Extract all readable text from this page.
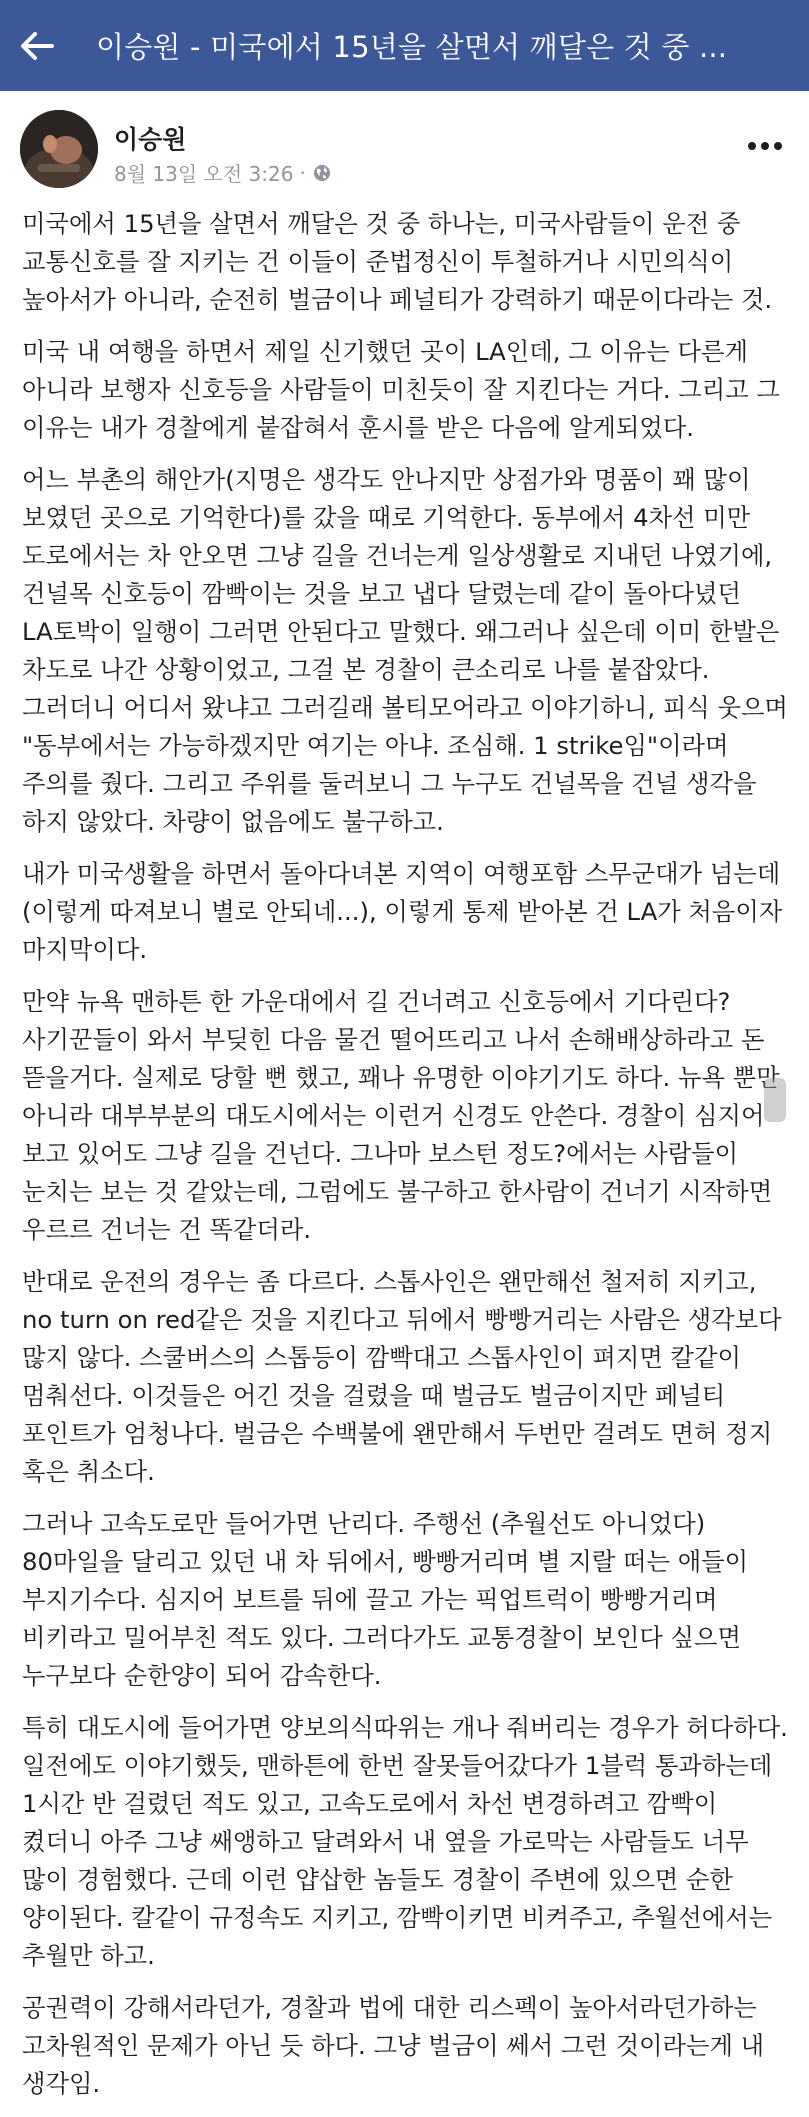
이승원 - 미국에서 15년을 살면서 깨달은 것 중 ...
이승원
8월 13일 오전 3:26 ·

미국에서 15년을 살면서 깨달은 것 중 하나는, 미국사람들이 운전 중 교통신호를 잘 지키는 건 이들이 준법정신이 투철하거나 시민의식이 높아서가 아니라, 순전히 벌금이나 페널티가 강력하기 때문이다라는 것.

미국 내 여행을 하면서 제일 신기했던 곳이 LA인데, 그 이유는 다른게 아니라 보행자 신호등을 사람들이 미친듯이 잘 지킨다는 거다. 그리고 그 이유는 내가 경찰에게 붙잡혀서 훈시를 받은 다음에 알게되었다.

어느 부촌의 해안가(지명은 생각도 안나지만 상점가와 명품이 꽤 많이 보였던 곳으로 기억한다)를 갔을 때로 기억한다. 동부에서 4차선 미만 도로에서는 차 안오면 그냥 길을 건너는게 일상생활로 지내던 나였기에, 건널목 신호등이 깜빡이는 것을 보고 냅다 달렸는데 같이 돌아다녔던 LA토박이 일행이 그러면 안된다고 말했다. 왜그러나 싶은데 이미 한발은 차도로 나간 상황이었고, 그걸 본 경찰이 큰소리로 나를 붙잡았다. 그러더니 어디서 왔냐고 그러길래 볼티모어라고 이야기하니, 피식 웃으며 "동부에서는 가능하겠지만 여기는 아냐. 조심해. 1 strike임"이라며 주의를 줬다. 그리고 주위를 둘러보니 그 누구도 건널목을 건널 생각을 하지 않았다. 차량이 없음에도 불구하고.

내가 미국생활을 하면서 돌아다녀본 지역이 여행포함 스무군대가 넘는데(이렇게 따져보니 별로 안되네...), 이렇게 통제 받아본 건 LA가 처음이자 마지막이다.

만약 뉴욕 맨하튼 한 가운대에서 길 건너려고 신호등에서 기다린다? 사기꾼들이 와서 부딪힌 다음 물건 떨어뜨리고 나서 손해배상하라고 돈 뜯을거다. 실제로 당할 뻔 했고, 꽤나 유명한 이야기기도 하다. 뉴욕 뿐만 아니라 대부부분의 대도시에서는 이런거 신경도 안쓴다. 경찰이 심지어 보고 있어도 그냥 길을 건넌다. 그나마 보스턴 정도?에서는 사람들이 눈치는 보는 것 같았는데, 그럼에도 불구하고 한사람이 건너기 시작하면 우르르 건너는 건 똑같더라.

반대로 운전의 경우는 좀 다르다. 스톱사인은 왠만해선 철저히 지키고, no turn on red같은 것을 지킨다고 뒤에서 빵빵거리는 사람은 생각보다 많지 않다. 스쿨버스의 스톱등이 깜빡대고 스톱사인이 펴지면 칼같이 멈춰선다. 이것들은 어긴 것을 걸렸을 때 벌금도 벌금이지만 페널티 포인트가 엄청나다. 벌금은 수백불에 왠만해서 두번만 걸려도 면허 정지 혹은 취소다.

그러나 고속도로만 들어가면 난리다. 주행선 (추월선도 아니었다) 80마일을 달리고 있던 내 차 뒤에서, 빵빵거리며 별 지랄 떠는 애들이 부지기수다. 심지어 보트를 뒤에 끌고 가는 픽업트럭이 빵빵거리며 비키라고 밀어부친 적도 있다. 그러다가도 교통경찰이 보인다 싶으면 누구보다 순한양이 되어 감속한다.

특히 대도시에 들어가면 양보의식따위는 개나 줘버리는 경우가 허다하다. 일전에도 이야기했듯, 맨하튼에 한번 잘못들어갔다가 1블럭 통과하는데 1시간 반 걸렸던 적도 있고, 고속도로에서 차선 변경하려고 깜빡이 켰더니 아주 그냥 쌔앵하고 달려와서 내 옆을 가로막는 사람들도 너무 많이 경험했다. 근데 이런 얍삽한 놈들도 경찰이 주변에 있으면 순한 양이된다. 칼같이 규정속도 지키고, 깜빡이키면 비켜주고, 추월선에서는 추월만 하고.

공권력이 강해서라던가, 경찰과 법에 대한 리스펙이 높아서라던가하는 고차원적인 문제가 아닌 듯 하다. 그냥 벌금이 쎄서 그런 것이라는게 내 생각임.
